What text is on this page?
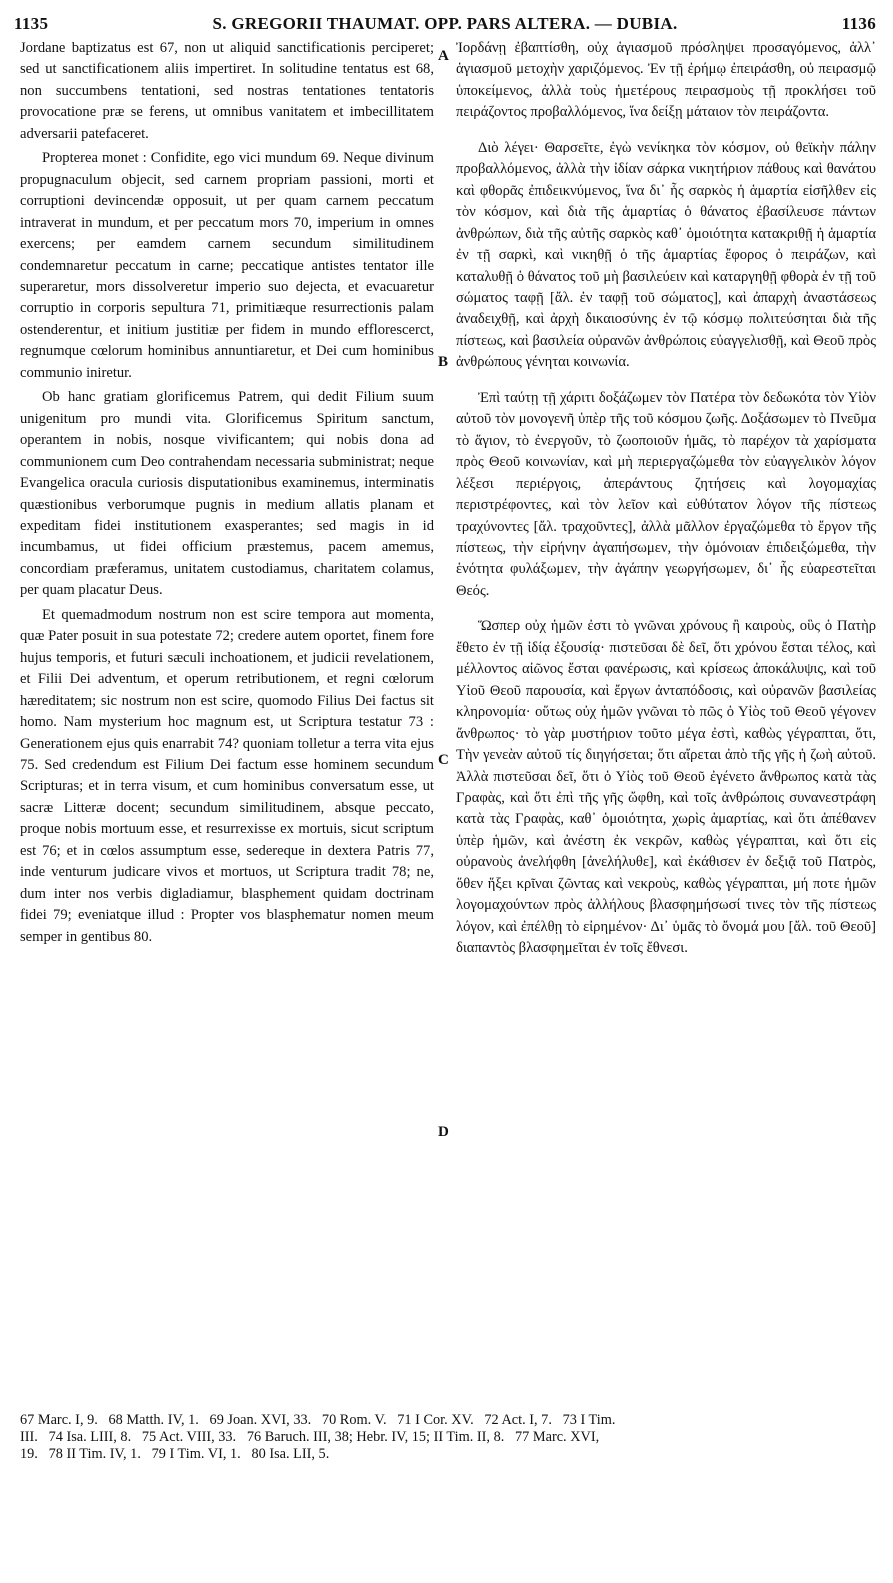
1135	S. GREGORII THAUMAT. OPP. PARS ALTERA. — DUBIA.	1136

Jordane baptizatus est 67, non ut aliquid sanctificationis perciperet; sed ut sanctificationem aliis impertiret. In solitudine tentatus est 68, non succumbens tentationi, sed nostras tentationes tentatoris provocatione præ se ferens, ut omnibus vanitatem et imbecillitatem adversarii patefaceret.

Propterea monet : Confidite, ego vici mundum 69. Neque divinum propugnaculum objecit, sed carnem propriam passioni, morti et corruptioni devincendæ opposuit, ut per quam carnem peccatum intraverat in mundum, et per peccatum mors 70, imperium in omnes exercens; per eamdem carnem secundum similitudinem condemnaretur peccatum in carne; peccatique antistes tentator ille superaretur, mors dissolveretur imperio suo dejecta, et evacuaretur corruptio in corporis sepultura 71, primitiæque resurrectionis palam ostenderentur, et initium justitiæ per fidem in mundo efflorescerct, regnumque cœlorum hominibus annuntiaretur, et Dei cum hominibus communio iniretur.

Ob hanc gratiam glorificemus Patrem, qui dedit Filium suum unigenitum pro mundi vita. Glorificemus Spiritum sanctum, operantem in nobis, nosque vivificantem; qui nobis dona ad communionem cum Deo contrahendam necessaria subministrat; neque Evangelica oracula curiosis disputationibus examinemus, interminatis quæstionibus verborumque pugnis in medium allatis planam et expeditam fidei institutionem exasperantes; sed magis in id incumbamus, ut fidei officium præstemus, pacem amemus, concordiam præferamus, unitatem custodiamus, charitatem colamus, per quam placatur Deus.

Et quemadmodum nostrum non est scire tempora aut momenta, quæ Pater posuit in sua potestate 72; credere autem oportet, finem fore hujus temporis, et futuri sæculi inchoationem, et judicii revelationem, et Filii Dei adventum, et operum retributionem, et regni cœlorum hæreditatem; sic nostrum non est scire, quomodo Filius Dei factus sit homo. Nam mysterium hoc magnum est, ut Scriptura testatur 73 : Generationem ejus quis enarrabit 74? quoniam tolletur a terra vita ejus 75. Sed credendum est Filium Dei factum esse hominem secundum Scripturas; et in terra visum, et cum hominibus conversatum esse, ut sacræ Litteræ docent; secundum similitudinem, absque peccato, proque nobis mortuum esse, et resurrexisse ex mortuis, sicut scriptum est 76; et in cœlos assumptum esse, sedereque in dextera Patris 77, inde venturum judicare vivos et mortuos, ut Scriptura tradit 78; ne, dum inter nos verbis digladiamur, blasphement quidam doctrinam fidei 79; eveniatque illud : Propter vos blasphematur nomen meum semper in gentibus 80.

A
B
C
D

Ἰορδάνῃ ἐβαπτίσθη, οὐχ ἁγιασμοῦ πρόσληψει προσαγόμενος, ἀλλ᾽ ἁγιασμοῦ μετοχὴν χαριζόμενος. Ἐν τῇ ἐρήμῳ ἐπειράσθη, οὐ πειρασμῷ ὑποκείμενος, ἀλλὰ τοὺς ἡμετέρους πειρασμοὺς τῇ προκλήσει τοῦ πειράζοντος προβαλλόμενος, ἵνα δείξῃ μάταιον τὸν πειράζοντα.

Διὸ λέγει· Θαρσεῖτε, ἐγὼ νενίκηκα τὸν κόσμον, οὐ θεϊκὴν πάλην προβαλλόμενος, ἀλλὰ τὴν ἰδίαν σάρκα νικητήριον πάθους καὶ θανάτου καὶ φθορᾶς ἐπιδεικνύμενος, ἵνα δι᾽ ἧς σαρκὸς ἡ ἁμαρτία εἰσῆλθεν εἰς τὸν κόσμον, καὶ διὰ τῆς ἁμαρτίας ὁ θάνατος ἐβασίλευσε πάντων ἀνθρώπων, διὰ τῆς αὐτῆς σαρκὸς καθ᾽ ὁμοιότητα κατακριθῇ ἡ ἁμαρτία ἐν τῇ σαρκὶ, καὶ νικηθῇ ὁ τῆς ἁμαρτίας ἔφορος ὁ πειράζων, καὶ καταλυθῇ ὁ θάνατος τοῦ μὴ βασιλεύειν καὶ καταργηθῇ φθορὰ ἐν τῇ τοῦ σώματος ταφῇ [ἄλ. ἐν ταφῇ τοῦ σώματος], καὶ ἀπαρχὴ ἀναστάσεως ἀναδειχθῇ, καὶ ἀρχὴ δικαιοσύνης ἐν τῷ κόσμῳ πολιτεύσηται διὰ τῆς πίστεως, καὶ βασιλεία οὐρανῶν ἀνθρώποις εὐαγγελισθῇ, καὶ Θεοῦ πρὸς ἀνθρώπους γένηται κοινωνία.

Ἐπὶ ταύτῃ τῇ χάριτι δοξάζωμεν τὸν Πατέρα τὸν δεδωκότα τὸν Υἱὸν αὐτοῦ τὸν μονογενῆ ὑπὲρ τῆς τοῦ κόσμου ζωῆς. Δοξάσωμεν τὸ Πνεῦμα τὸ ἅγιον, τὸ ἐνεργοῦν, τὸ ζωοποιοῦν ἡμᾶς, τὸ παρέχον τὰ χαρίσματα πρὸς Θεοῦ κοινωνίαν, καὶ μὴ περιεργαζώμεθα τὸν εὐαγγελικὸν λόγον λέξεσι περιέργοις, ἀπεράντους ζητήσεις καὶ λογομαχίας περιστρέφοντες, καὶ τὸν λεῖον καὶ εὐθύτατον λόγον τῆς πίστεως τραχύνοντες [ἄλ. τραχοῦντες], ἀλλὰ μᾶλλον ἐργαζώμεθα τὸ ἔργον τῆς πίστεως, τὴν εἰρήνην ἀγαπήσωμεν, τὴν ὁμόνοιαν ἐπιδειξώμεθα, τὴν ἑνότητα φυλάξωμεν, τὴν ἀγάπην γεωργήσωμεν, δι᾽ ἧς εὐαρεστεῖται Θεός.

Ὥσπερ οὐχ ἡμῶν ἐστι τὸ γνῶναι χρόνους ἢ καιροὺς, οὓς ὁ Πατὴρ ἔθετο ἐν τῇ ἰδίᾳ ἐξουσίᾳ· πιστεῦσαι δὲ δεῖ, ὅτι χρόνου ἔσται τέλος, καὶ μέλλοντος αἰῶνος ἔσται φανέρωσις, καὶ κρίσεως ἀποκάλυψις, καὶ τοῦ Υἱοῦ Θεοῦ παρουσία, καὶ ἔργων ἀνταπόδοσις, καὶ οὐρανῶν βασιλείας κληρονομία· οὕτως οὐχ ἡμῶν γνῶναι τὸ πῶς ὁ Υἱὸς τοῦ Θεοῦ γέγονεν ἄνθρωπος· τὸ γὰρ μυστήριον τοῦτο μέγα ἐστὶ, καθὼς γέγραπται, ὅτι, Τὴν γενεὰν αὐτοῦ τίς διηγήσεται; ὅτι αἴρεται ἀπὸ τῆς γῆς ἡ ζωὴ αὐτοῦ. Ἀλλὰ πιστεῦσαι δεῖ, ὅτι ὁ Υἱὸς τοῦ Θεοῦ ἐγένετο ἄνθρωπος κατὰ τὰς Γραφὰς, καὶ ὅτι ἐπὶ τῆς γῆς ὤφθη, καὶ τοῖς ἀνθρώποις συνανεστράφη κατὰ τὰς Γραφὰς, καθ᾽ ὁμοιότητα, χωρὶς ἁμαρτίας, καὶ ὅτι ἀπέθανεν ὑπὲρ ἡμῶν, καὶ ἀνέστη ἐκ νεκρῶν, καθὼς γέγραπται, καὶ ὅτι εἰς οὐρανοὺς ἀνελήφθη [ἀνελήλυθε], καὶ ἐκάθισεν ἐν δεξιᾷ τοῦ Πατρὸς, ὅθεν ἥξει κρῖναι ζῶντας καὶ νεκροὺς, καθὼς γέγραπται, μή ποτε ἡμῶν λογομαχούντων πρὸς ἀλλήλους βλασφημήσωσί τινες τὸν τῆς πίστεως λόγον, καὶ ἐπέλθῃ τὸ εἰρημένον· Δι᾽ ὑμᾶς τὸ ὄνομά μου [ἄλ. τοῦ Θεοῦ] διαπαντὸς βλασφημεῖται ἐν τοῖς ἔθνεσι.

67 Marc. I, 9.   68 Matth. IV, 1.   69 Joan. XVI, 33.   70 Rom. V.   71 I Cor. XV.   72 Act. I, 7.   73 I Tim.
III.   74 Isa. LIII, 8.   75 Act. VIII, 33.   76 Baruch. III, 38; Hebr. IV, 15; II Tim. II, 8.   77 Marc. XVI,
19.   78 II Tim. IV, 1.   79 I Tim. VI, 1.   80 Isa. LII, 5.
